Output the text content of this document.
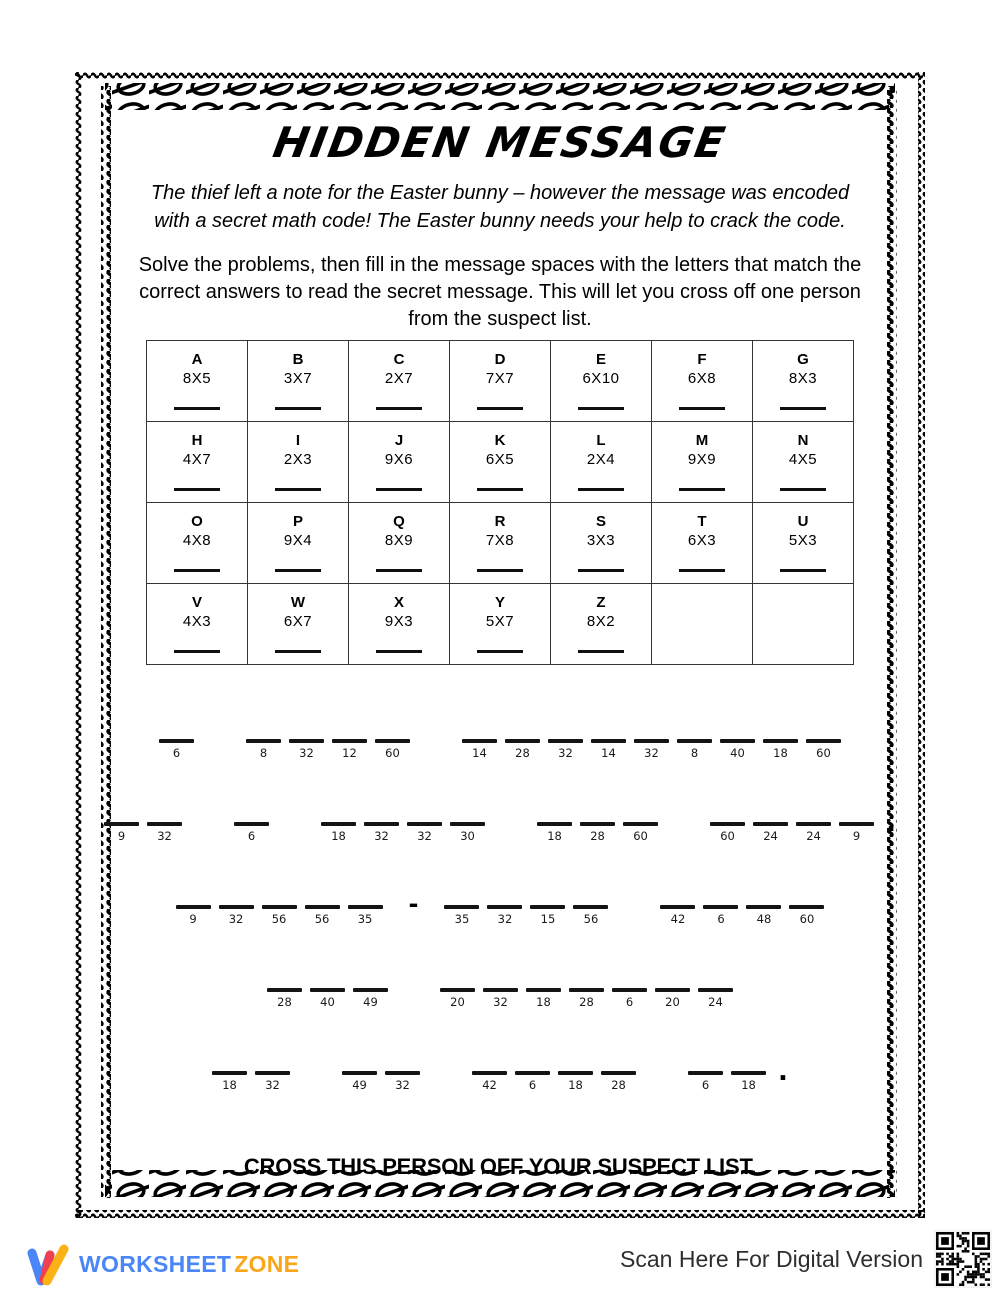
HIDDEN MESSAGE
The thief left a note for the Easter bunny – however the message was encoded
with a secret math code! The Easter bunny needs your help to crack the code.
Solve the problems, then fill in the message spaces with the letters that match the
correct answers to read the secret message. This will let you cross off one person
from the suspect list.
A
8X5

B
3X7

C
2X7

D
7X7

E
6X10

F
6X8

G
8X3

H
4X7

I
2X3

J
9X6

K
6X5

L
2X4

M
9X9

N
4X5

O
4X8

P
9X4

Q
8X9

R
7X8

S
3X3

T
6X3

U
5X3

V
4X3

W
6X7

X
9X3

Y
5X7

Z
8X2

6	8	32	12	60	14	28	32	14	32	8	40	18	60
9	32	6	18	32	32	30	18	28	60	60	24	24	9 .
9	32	56	56	35
-
35	32	15	56	42	6	48	60
28	40	49	20	32	18	28	6	20	24
18	32	49	32	42	6	18	28	6	18 .
CROSS THIS PERSON OFF YOUR SUSPECT LIST.
WORKSHEET ZONE	Scan Here For Digital Version
